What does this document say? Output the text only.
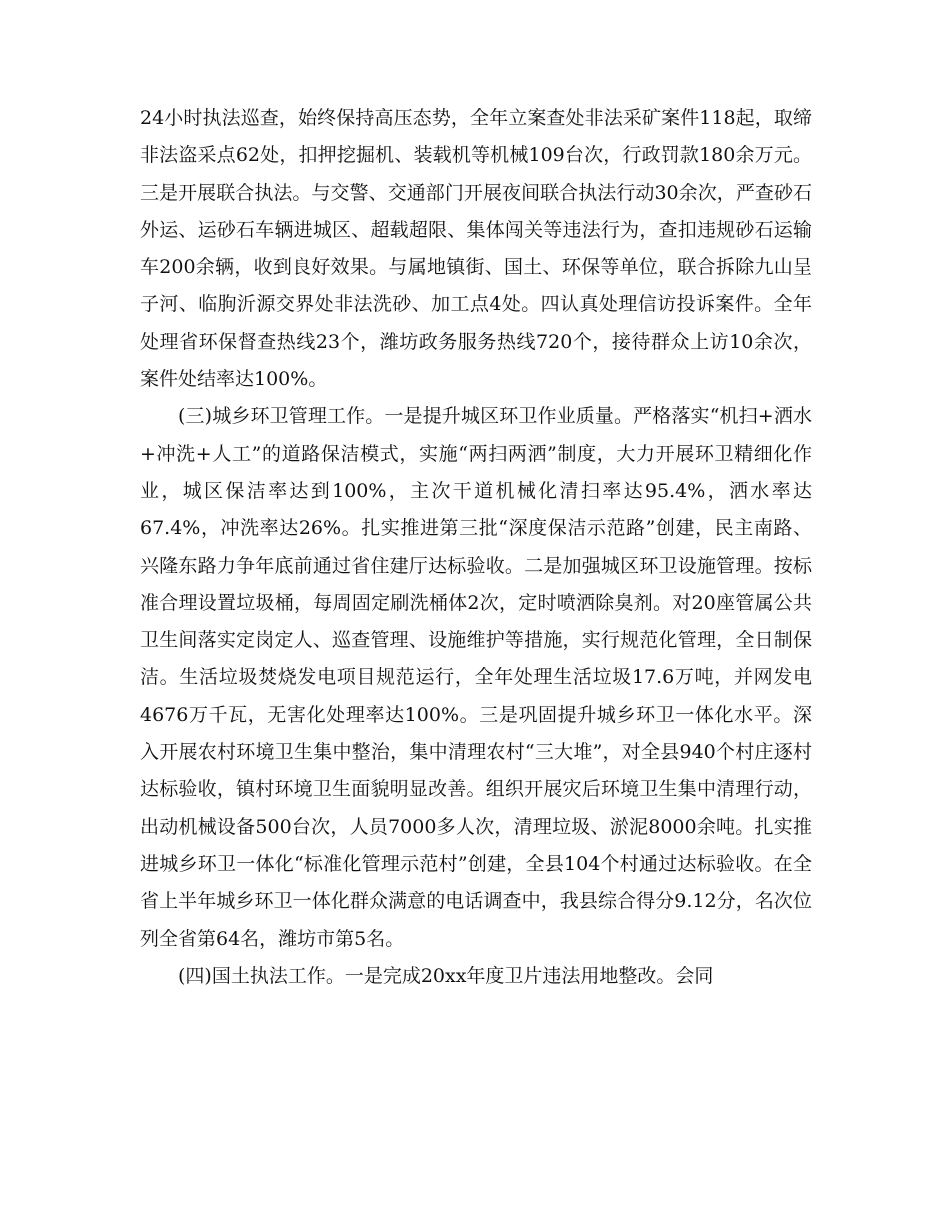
24小时执法巡查，始终保持高压态势，全年立案查处非法采矿案件118起，取缔非法盗采点62处，扣押挖掘机、装载机等机械109台次，行政罚款180余万元。三是开展联合执法。与交警、交通部门开展夜间联合执法行动30余次，严查砂石外运、运砂石车辆进城区、超载超限、集体闯关等违法行为，查扣违规砂石运输车200余辆，收到良好效果。与属地镇街、国土、环保等单位，联合拆除九山呈子河、临朐沂源交界处非法洗砂、加工点4处。四认真处理信访投诉案件。全年处理省环保督查热线23个，潍坊政务服务热线720个，接待群众上访10余次，案件处结率达100%。

(三)城乡环卫管理工作。一是提升城区环卫作业质量。严格落实“机扫+洒水+冲洗+人工”的道路保洁模式，实施“两扫两洒”制度，大力开展环卫精细化作业，城区保洁率达到100%，主次干道机械化清扫率达95.4%，洒水率达67.4%，冲洗率达26%。扎实推进第三批“深度保洁示范路”创建，民主南路、兴隆东路力争年底前通过省住建厅达标验收。二是加强城区环卫设施管理。按标准合理设置垃圾桶，每周固定刷洗桶体2次，定时喷洒除臭剂。对20座管属公共卫生间落实定岗定人、巡查管理、设施维护等措施，实行规范化管理，全日制保洁。生活垃圾焚烧发电项目规范运行，全年处理生活垃圾17.6万吨，并网发电4676万千瓦，无害化处理率达100%。三是巩固提升城乡环卫一体化水平。深入开展农村环境卫生集中整治，集中清理农村“三大堆”，对全县940个村庄逐村达标验收，镇村环境卫生面貌明显改善。组织开展灾后环境卫生集中清理行动，出动机械设备500台次，人员7000多人次，清理垃圾、淤泥8000余吨。扎实推进城乡环卫一体化“标准化管理示范村”创建，全县104个村通过达标验收。在全省上半年城乡环卫一体化群众满意的电话调查中，我县综合得分9.12分，名次位列全省第64名，潍坊市第5名。

(四)国土执法工作。一是完成20xx年度卫片违法用地整改。会同
